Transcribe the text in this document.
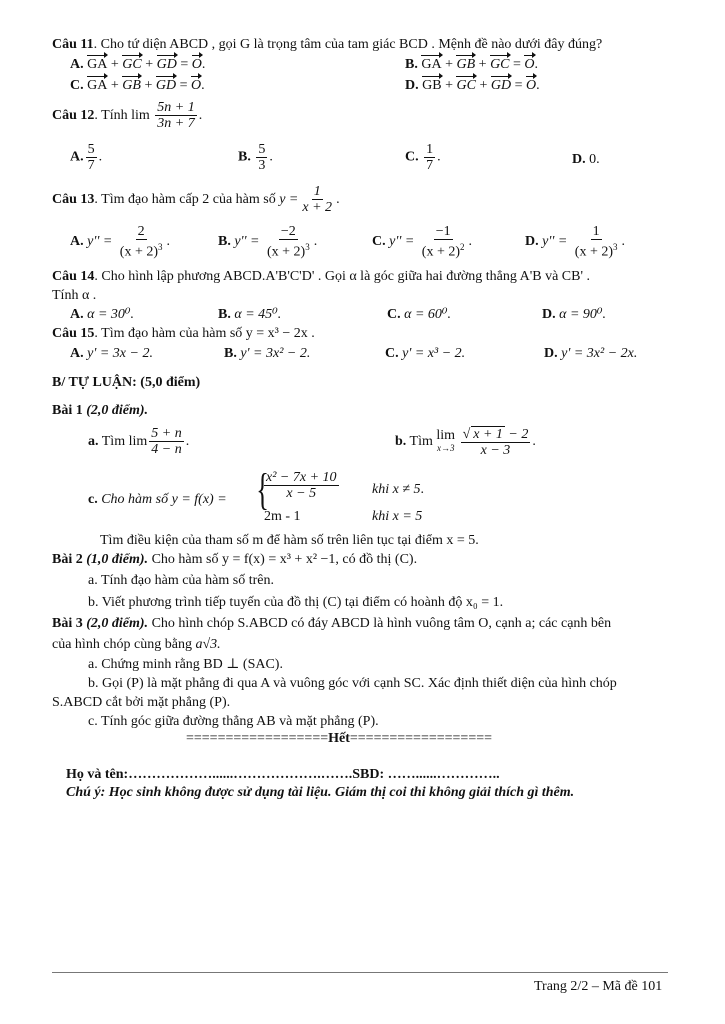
Câu 11. Cho tứ diện ABCD , gọi G là trọng tâm của tam giác BCD . Mệnh đề nào dưới đây đúng?
A. GA + GC + GD = O.	B. GA + GB + GC = O.
C. GA + GB + GD = O.	D. GB + GC + GD = O.
Câu 12. Tính $\lim \frac{5n + 1}{3n + 7}$ .
A. $\frac{5}{7}$ .	B. $\frac{5}{3}$ .	C. $\frac{1}{7}$ .	D. 0.
Câu 13. Tìm đạo hàm cấp 2 của hàm số $y = \frac{1}{x + 2}$ .
A. $y'' = \frac{2}{(x + 2)^3}$ .	B. $y'' = \frac{-2}{(x + 2)^3}$ .	C. $y'' = \frac{-1}{(x + 2)^2}$ .	D. $y'' = \frac{1}{(x + 2)^3}$ .
Câu 14. Cho hình lập phương ABCD.A'B'C'D' . Gọi α là góc giữa hai đường thẳng A'B và CB' .
Tính α .
A. α = 30⁰.	B. α = 45⁰.	C. α = 60⁰.	D. α = 90⁰.
Câu 15. Tìm đạo hàm của hàm số y = x³ − 2x .
A. y' = 3x − 2.	B. y' = 3x² − 2.	C. y' = x³ − 2.	D. y' = 3x² − 2x.
B/ TỰ LUẬN: (5,0 điểm)
Bài 1 (2,0 điểm).
a. Tìm $\lim \frac{5 + n}{4 - n}$ .	b. Tìm lim
x→3
$\frac{√ x + 1 - 2}{x - 3}$ .
c. Cho hàm số y = f(x) = {
$\frac{\text{x² − 7x + 10}}{x - 5}$ khi x ≠ 5.
2m - 1	khi x = 5
Tìm điều kiện của tham số m để hàm số trên liên tục tại điểm x = 5.
Bài 2 (1,0 điểm). Cho hàm số y = f(x) = x³ + x² −1, có đồ thị (C).
a. Tính đạo hàm của hàm số trên.
b. Viết phương trình tiếp tuyến của đồ thị (C) tại điểm có hoành độ x₀ = 1.
Bài 3 (2,0 điểm). Cho hình chóp S.ABCD có đáy ABCD là hình vuông tâm O, cạnh a; các cạnh bên
của hình chóp cùng bằng a√3.
a. Chứng minh rằng BD ⊥ (SAC).
b. Gọi (P) là mặt phẳng đi qua A và vuông góc với cạnh SC. Xác định thiết diện của hình chóp
S.ABCD cắt bởi mặt phẳng (P).
c. Tính góc giữa đường thẳng AB và mặt phẳng (P).
==================Hết==================
Họ và tên:………………......……………….…….SBD: ……......…………..
Chú ý: Học sinh không được sử dụng tài liệu. Giám thị coi thi không giải thích gì thêm.
Trang 2/2 – Mã đề 101
